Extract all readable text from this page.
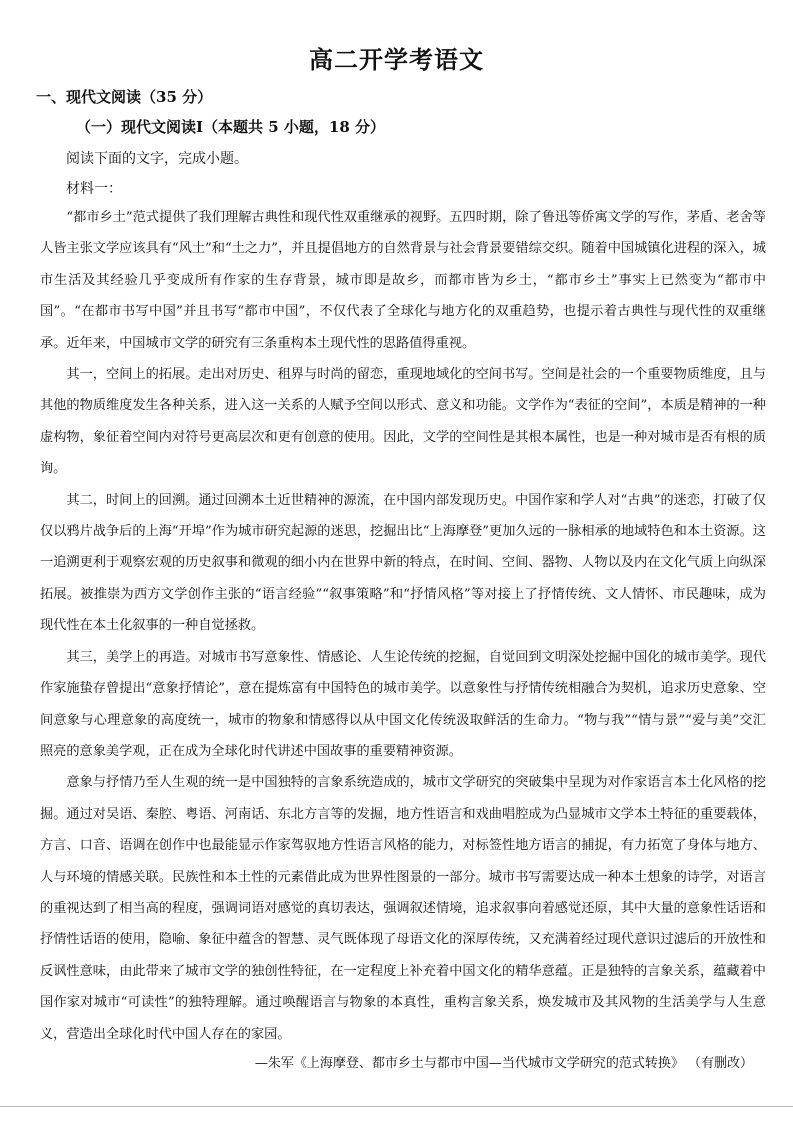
高二开学考语文
一、现代文阅读（35 分）
（一）现代文阅读Ⅰ（本题共 5 小题，18 分）
阅读下面的文字，完成小题。
材料一：

“都市乡土”范式提供了我们理解古典性和现代性双重继承的视野。五四时期，除了鲁迅等侨寓文学的写作，茅盾、老舍等人皆主张文学应该具有“风土”和“土之力”，并且提倡地方的自然背景与社会背景要错综交织。随着中国城镇化进程的深入，城市生活及其经验几乎变成所有作家的生存背景，城市即是故乡，而都市皆为乡土，“都市乡土”事实上已然变为“都市中国”。“在都市书写中国”并且书写“都市中国”，不仅代表了全球化与地方化的双重趋势，也提示着古典性与现代性的双重继承。近年来，中国城市文学的研究有三条重构本土现代性的思路值得重视。

其一，空间上的拓展。走出对历史、租界与时尚的留恋，重现地域化的空间书写。空间是社会的一个重要物质维度，且与其他的物质维度发生各种关系，进入这一关系的人赋予空间以形式、意义和功能。文学作为“表征的空间”，本质是精神的一种虚构物，象征着空间内对符号更高层次和更有创意的使用。因此，文学的空间性是其根本属性，也是一种对城市是否有根的质询。

其二，时间上的回溯。通过回溯本土近世精神的源流，在中国内部发现历史。中国作家和学人对“古典”的迷恋，打破了仅仅以鸦片战争后的上海“开埠”作为城市研究起源的迷思，挖掘出比“上海摩登”更加久远的一脉相承的地域特色和本土资源。这一追溯更利于观察宏观的历史叙事和微观的细小内在世界中新的特点，在时间、空间、器物、人物以及内在文化气质上向纵深拓展。被推崇为西方文学创作主张的“语言经验”“叙事策略”和“抒情风格”等对接上了抒情传统、文人情怀、市民趣味，成为现代性在本土化叙事的一种自觉拯救。

其三，美学上的再造。对城市书写意象性、情感论、人生论传统的挖掘，自觉回到文明深处挖掘中国化的城市美学。现代作家施蛰存曾提出“意象抒情论”，意在提炼富有中国特色的城市美学。以意象性与抒情传统相融合为契机，追求历史意象、空间意象与心理意象的高度统一，城市的物象和情感得以从中国文化传统汲取鲜活的生命力。“物与我”“情与景”“爱与美”交汇照亮的意象美学观，正在成为全球化时代讲述中国故事的重要精神资源。

意象与抒情乃至人生观的统一是中国独特的言象系统造成的，城市文学研究的突破集中呈现为对作家语言本土化风格的挖掘。通过对吴语、秦腔、粤语、河南话、东北方言等的发掘，地方性语言和戏曲唱腔成为凸显城市文学本土特征的重要载体，方言、口音、语调在创作中也最能显示作家驾驭地方性语言风格的能力，对标签性地方语言的捕捉，有力拓宽了身体与地方、人与环境的情感关联。民族性和本土性的元素借此成为世界性图景的一部分。城市书写需要达成一种本土想象的诗学，对语言的重视达到了相当高的程度，强调词语对感觉的真切表达，强调叙述情境，追求叙事向着感觉还原，其中大量的意象性话语和抒情性话语的使用，隐喻、象征中蕴含的智慧、灵气既体现了母语文化的深厚传统，又充满着经过现代意识过滤后的开放性和反讽性意味，由此带来了城市文学的独创性特征，在一定程度上补充着中国文化的精华意蕴。正是独特的言象关系，蕴藏着中国作家对城市“可读性”的独特理解。通过唤醒语言与物象的本真性，重构言象关系，焕发城市及其风物的生活美学与人生意义，营造出全球化时代中国人存在的家园。

—朱军《上海摩登、都市乡土与都市中国—当代城市文学研究的范式转换》 （有删改）
